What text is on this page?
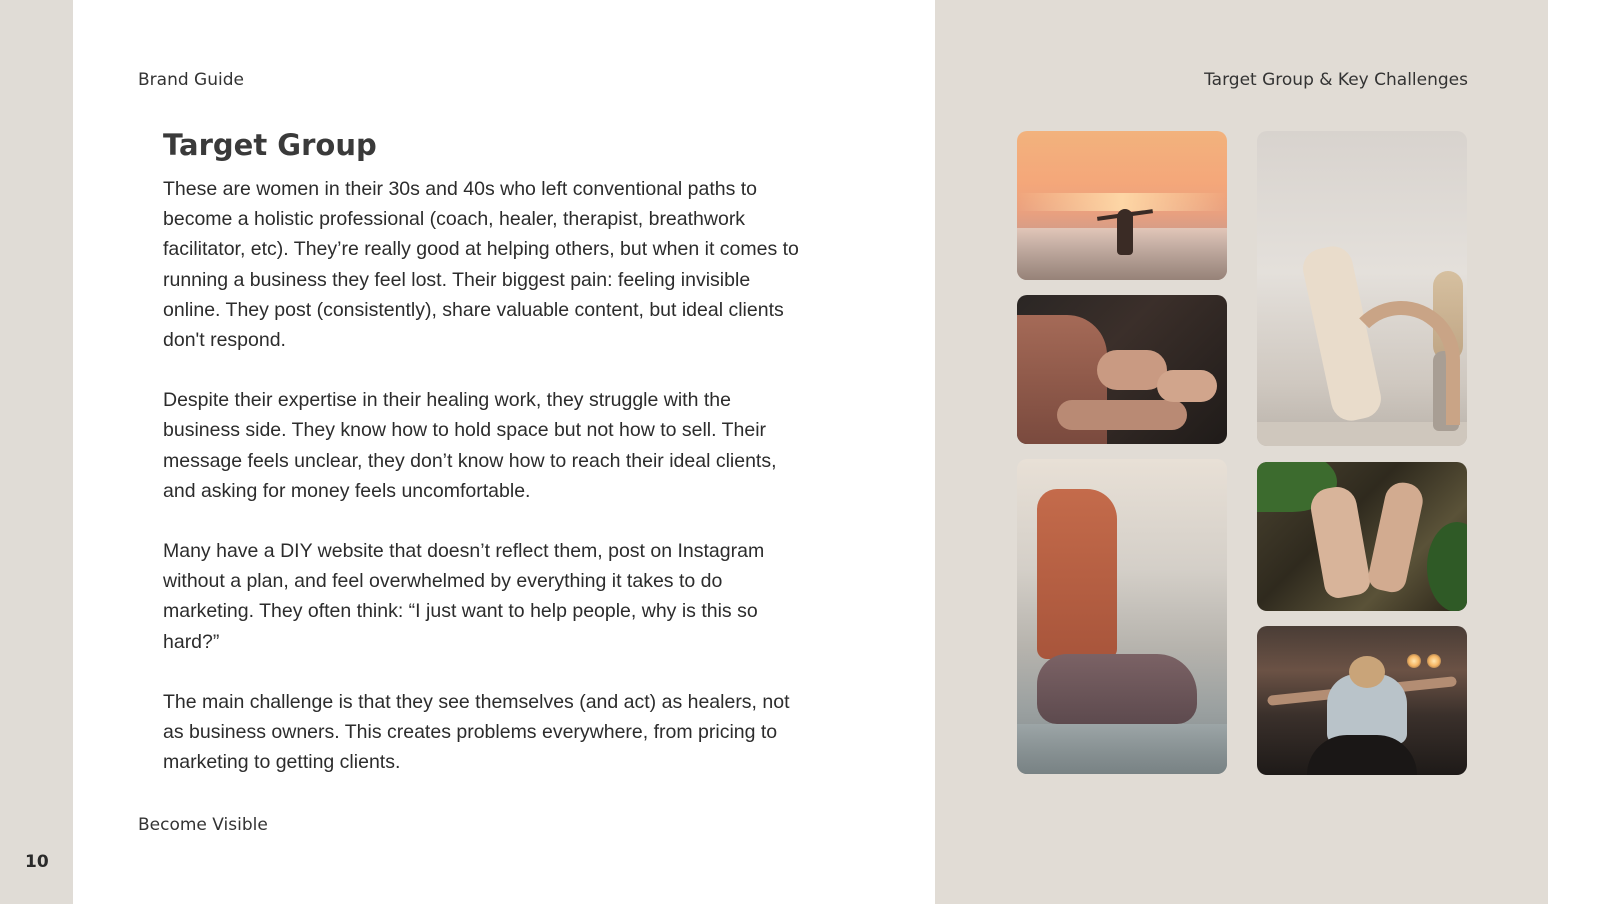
10
Brand Guide	Target Group & Key Challenges
Become Visible
Target Group

These are women in their 30s and 40s who left conventional paths to become a holistic professional (coach, healer, therapist, breathwork facilitator, etc). They’re really good at helping others, but when it comes to running a business they feel lost. Their biggest pain: feeling invisible online. They post (consistently), share valuable content, but ideal clients don't respond.

Despite their expertise in their healing work, they struggle with the business side. They know how to hold space but not how to sell. Their message feels unclear, they don’t know how to reach their ideal clients, and asking for money feels uncomfortable.

Many have a DIY website that doesn’t reflect them, post on Instagram without a plan, and feel overwhelmed by everything it takes to do marketing. They often think: “I just want to help people, why is this so hard?”

The main challenge is that they see themselves (and act) as healers, not as business owners. This creates problems everywhere, from pricing to marketing to getting clients.
